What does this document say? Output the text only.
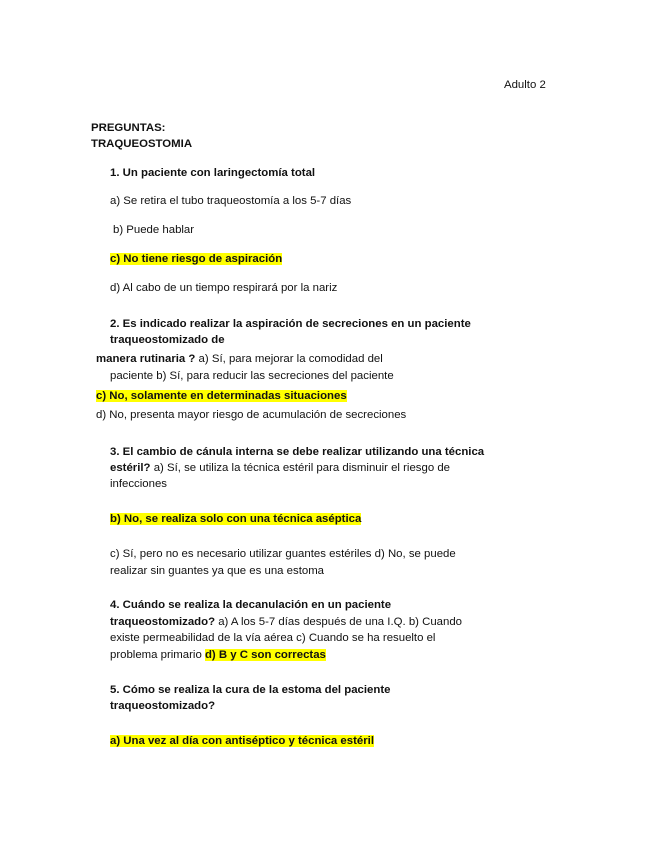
Adulto 2
PREGUNTAS:
TRAQUEOSTOMIA
1. Un paciente con laringectomía total
a) Se retira el tubo traqueostomía a los 5-7 días
b) Puede hablar
c) No tiene riesgo de aspiración
d) Al cabo de un tiempo respirará por la nariz
2. Es indicado realizar la aspiración de secreciones en un paciente
traqueostomizado de
manera rutinaria ? a) Sí, para mejorar la comodidad del
paciente b) Sí, para reducir las secreciones del paciente
c) No, solamente en determinadas situaciones
d) No, presenta mayor riesgo de acumulación de secreciones
3. El cambio de cánula interna se debe realizar utilizando una técnica
estéril? a) Sí, se utiliza la técnica estéril para disminuir el riesgo de
infecciones
b) No, se realiza solo con una técnica aséptica
c) Sí, pero no es necesario utilizar guantes estériles d) No, se puede
realizar sin guantes ya que es una estoma
4. Cuándo se realiza la decanulación en un paciente
traqueostomizado? a) A los 5-7 días después de una I.Q. b) Cuando
existe permeabilidad de la vía aérea c) Cuando se ha resuelto el
problema primario d) B y C son correctas
5. Cómo se realiza la cura de la estoma del paciente
traqueostomizado?
a) Una vez al día con antiséptico y técnica estéril
